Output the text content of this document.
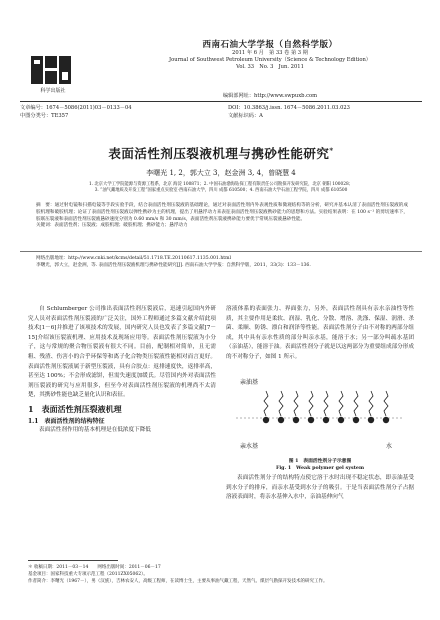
科学出版社
西南石油大学学报（自然科学版）
2011 年 6 月　第 33 卷 第 3 期
Journal of Southwest Petroleum University（Science & Technology Edition）
Vol. 33　No. 3　Jun. 2011
编辑部网址：http://www.swpuxb.com
文章编号：1674－5086(2011)03－0133－04
中图分类号：TE357
DOI：10.3863/j.issn. 1674－5086.2011.03.023
文献标识码：A
表面活性剂压裂液机理与携砂性能研究*
李曙光 1, 2，郭大立 3，赵金洲 3, 4，曾晓慧 4
1. 北京大学工学院能源与资源工程系，北京 海淀 100871；2. 中国石油渤海钻探工程有限责任公司勘探开发研究院，北京 朝阳 100028；
3. “油气藏地质及开发工程”国家重点实验室·西南石油大学，四川 成都 610500；4. 西南石油大学石油工程学院，四川 成都 610500
摘　要：通过射电镜和扫描电镜等手段实验手段，结合表面活性剂压裂液的基础理论，通过对表面活性剂内外表观性质和微观结构等的分析，研究并基本认清了表面活性剂压裂液的成胶机理和破胶机理；论证了表面活性剂压裂液以弹性携砂为主的机理，提出了用悬浮动力来表征表面活性剂压裂液携砂能力的思想和方法。实验结果表明：在 100 s⁻¹ 的剪切速率下，胶联压裂液和表面活性剂压裂液悬砂速度分别为 0.60 mm/s 和 30 mm/s，表面活性剂压裂液携砂能力要优于常规压裂液悬砂性能。
关键词：表面活性剂；压裂液；成胶机理；破胶机理；携砂能力；悬浮动力
网络出版地址：http://www.cnki.net/kcms/detail/51.1718.TE.20110617.1135.001.html
李曙光，郭大立，赵金洲，等. 表面活性剂压裂液机理与携砂性能研究[J]. 西南石油大学学报：自然科学版，2011，33(3)：133－136.
自 Schlumberger 公司推出表面活性剂压裂液后，迅速引起国内外研究人员对表面活性剂压裂液的广泛关注，国外工程师通过多篇文献介绍此项技术[1－6]并推进了该项技术的发展，国内研究人员也发表了多篇文献[7－15]介绍该压裂液机理、应用技术及现场应用等。表面活性剂压裂液为小分子，这与常规的聚合物压裂液有很大不同。目前，配制相对简单，且无需粗、残渣、伤害小的合乎环保等和离子化合物类压裂液性能相对而言更好。表面活性剂压裂液属于新型压裂液，具有合胶点：返排速度快，返排率高，甚至达 100%；不会形成滤饼，但需失速度加缓氏。尽管国内外对表面活性剂压裂液的研究与应用很多，但至今对表面活性剂压裂液的机理尚不太清楚，其携砂性能也缺乏量化认识和表征。
1　表面活性剂压裂液机理
1.1　表面活性剂的结构特征
表面活性剂作用的基本机理是在低浓度下降低
溶液体系的表面张力、界面张力，另外，表面活性剂具有亲水亲油性等性质，其主要作用是柔软、润湿、乳化、分散、增溶、洗涤、保湿、润滑、杀菌、柔顺、防锈、漂白和润泽等性能。表面活性剂分子由不对称的两部分组成，其中具有亲水性质的部分叫亲水基，能溶于水；另一部分叫疏水基团（亲油基），能溶于油。表面活性剂分子就是以这两部分为重要组成部分形成的不对称分子，如图 1 所示。
亲油基
亲水基	水
图 1　表面活性剂分子示意图
Fig. 1　Weak polymer gel system
表面活性剂分子的结构特点使它溶于水时出现不稳定状态，即亲油基受到水分子的排斥，而亲水基受到水分子的吸引。于是当表面活性剂分子占据溶液表面时，将亲水基伸入水中，亲油基伸向气
＊ 收稿日期：2011－03－14　　网络出版时间：2011－06－17
基金项目：国家科技重大专项示范工程（2011ZX05062）。
作者简介：李曙光（1967－），男（汉族），吉林农安人，高级工程师，在读博士生，主要从事油气藏工程，天然气、煤层气勘探开发技术的研究工作。
